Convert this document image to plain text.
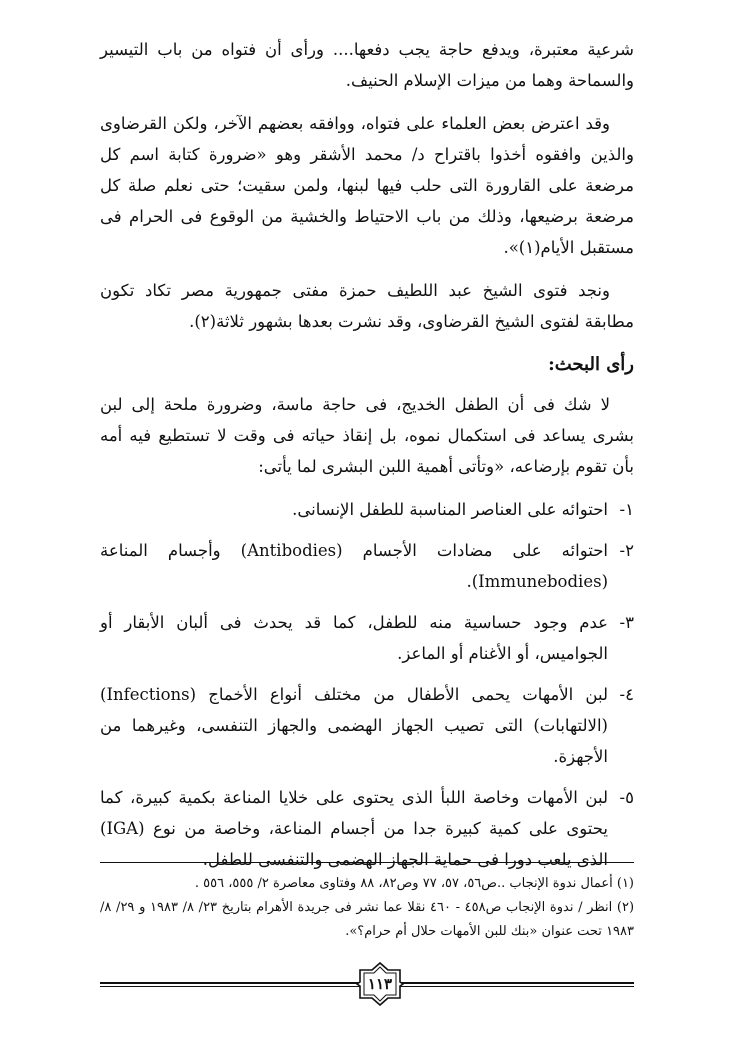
شرعية معتبرة، ويدفع حاجة يجب دفعها.... ورأى أن فتواه من باب التيسير والسماحة وهما من ميزات الإسلام الحنيف.

وقد اعترض بعض العلماء على فتواه، ووافقه بعضهم الآخر، ولكن القرضاوى والذين وافقوه أخذوا باقتراح د/ محمد الأشقر وهو «ضرورة كتابة اسم كل مرضعة على القارورة التى حلب فيها لبنها، ولمن سقيت؛ حتى نعلم صلة كل مرضعة برضيعها، وذلك من باب الاحتياط والخشية من الوقوع فى الحرام فى مستقبل الأيام(١)».

ونجد فتوى الشيخ عبد اللطيف حمزة مفتى جمهورية مصر تكاد تكون مطابقة لفتوى الشيخ القرضاوى، وقد نشرت بعدها بشهور ثلاثة(٢).

رأى البحث:

لا شك فى أن الطفل الخديج، فى حاجة ماسة، وضرورة ملحة إلى لبن بشرى يساعد فى استكمال نموه، بل إنقاذ حياته فى وقت لا تستطيع فيه أمه بأن تقوم بإرضاعه، «وتأتى أهمية اللبن البشرى لما يأتى:

١-
احتوائه على العناصر المناسبة للطفل الإنسانى.
٢-
احتوائه على مضادات الأجسام (Antibodies) وأجسام المناعة (Immunebodies).
٣-
عدم وجود حساسية منه للطفل، كما قد يحدث فى ألبان الأبقار أو الجواميس، أو الأغنام أو الماعز.
٤-
لبن الأمهات يحمى الأطفال من مختلف أنواع الأخماج (Infections) (الالتهابات) التى تصيب الجهاز الهضمى والجهاز التنفسى، وغيرهما من الأجهزة.
٥-
لبن الأمهات وخاصة اللبأ الذى يحتوى على خلايا المناعة بكمية كبيرة، كما يحتوى على كمية كبيرة جدا من أجسام المناعة، وخاصة من نوع (IGA) الذى يلعب دورا فى حماية الجهاز الهضمى والتنفسى للطفل.
(١) أعمال ندوة الإنجاب ..ص٥٦، ٥٧، ٧٧ وص٨٢، ٨٨ وفتاوى معاصرة ٢/ ٥٥٥، ٥٥٦ .
(٢) انظر / ندوة الإنجاب ص٤٥٨ - ٤٦٠ نقلا عما نشر فى جريدة الأهرام بتاريخ ٢٣/ ٨/ ١٩٨٣ و ٢٩/ ٨/ ١٩٨٣ تحت عنوان «بنك للبن الأمهات حلال أم حرام؟».
١١٣
